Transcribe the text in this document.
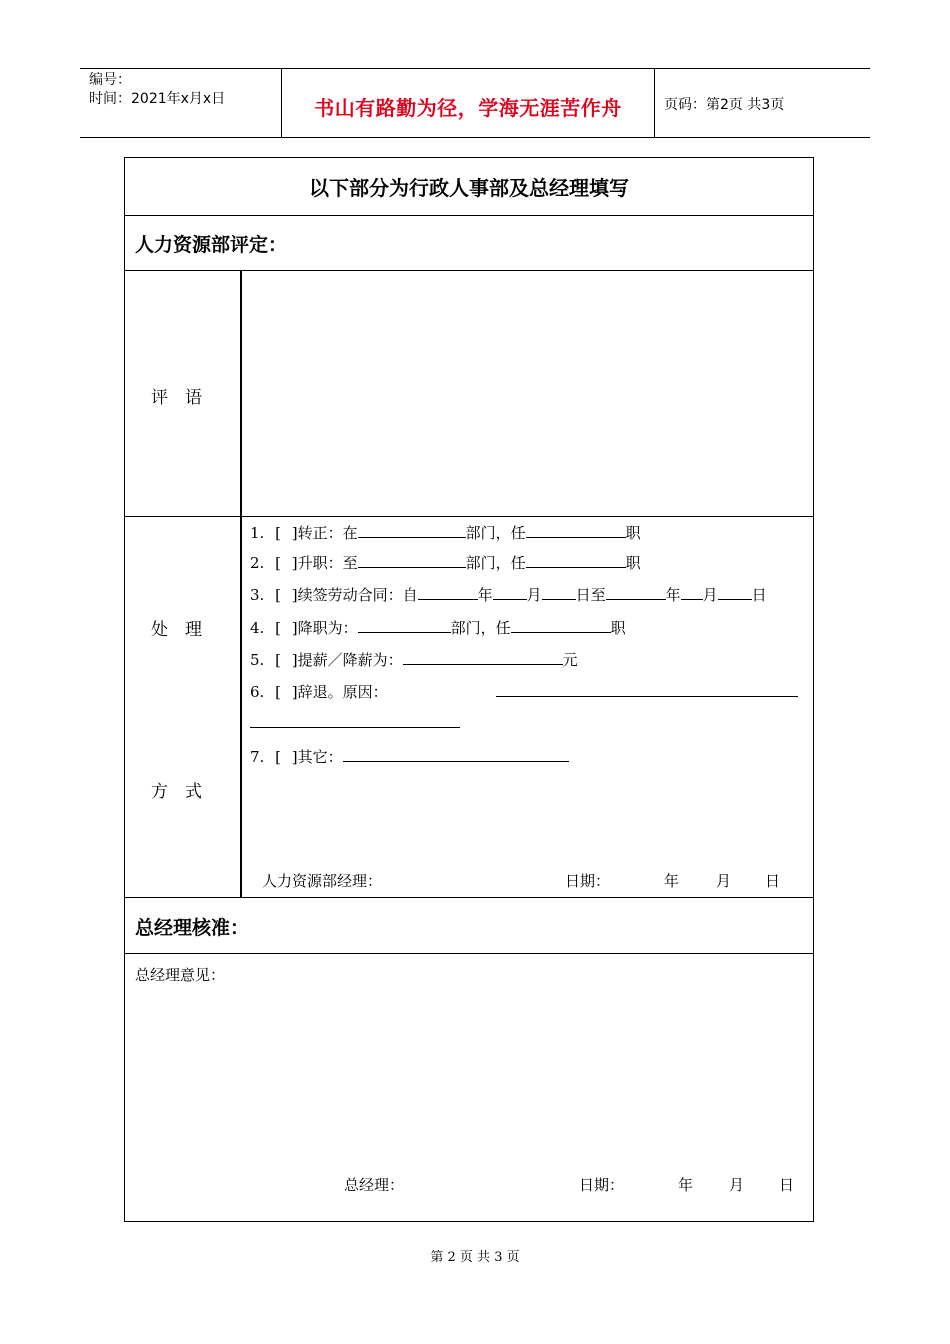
编号：
时间：2021年x月x日	书山有路勤为径，学海无涯苦作舟	页码：第2页 共3页
以下部分为行政人事部及总经理填写
人力资源部评定：
评 语
处 理
方 式
1. [ ]转正：在	部门，任	职
2. [ ]升职：至	部门，任	职
3. [ ]续签劳动合同：自	年 月 日至	年 月 日
4. [ ]降职为：	部门，任	职
5. [ ]提薪／降薪为：	元
6. [ ]辞退。原因：
7. [ ]其它：
人力资源部经理：	日期：	年 月 日
总经理核准：
总经理意见：
总经理：	日期：	年 月 日
第 2 页 共 3 页
